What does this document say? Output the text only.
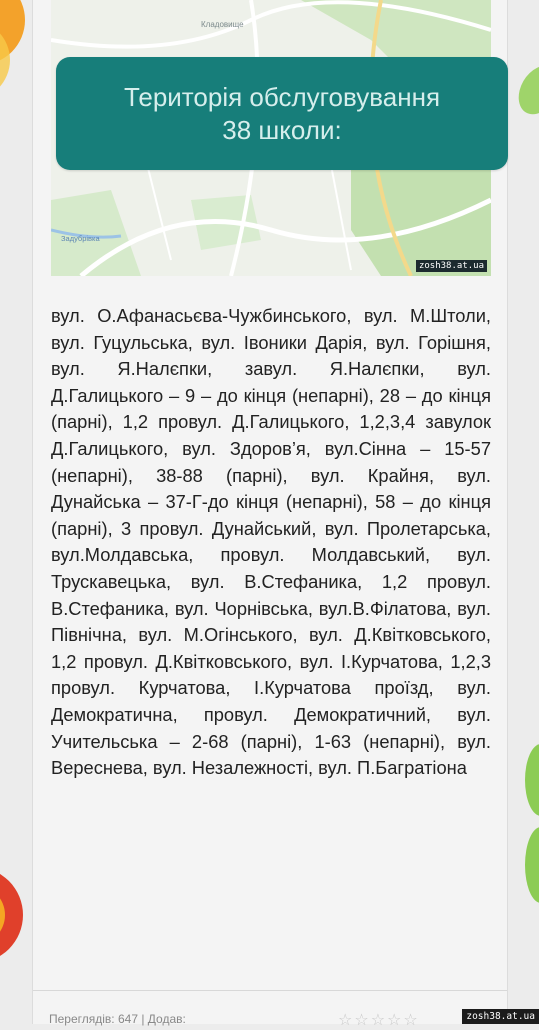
Кладовище
Задубрівка
zosh38.at.ua
Територія обслуговування
38 школи:

вул. О.Афанасьєва-Чужбинського, вул. М.Штоли, вул. Гуцульська, вул. Івоники Дарія, вул. Горішня, вул. Я.Налєпки, завул. Я.Налєпки, вул. Д.Галицького – 9 – до кінця (непарні), 28 – до кінця (парні), 1,2 провул. Д.Галицького, 1,2,3,4 завулок Д.Галицького, вул. Здоров’я, вул.Сінна – 15-57 (непарні), 38-88 (парні), вул. Крайня, вул. Дунайська – 37-Г-до кінця (непарні), 58 – до кінця (парні), 3 провул. Дунайський, вул. Пролетарська, вул.Молдавська, провул. Молдавський, вул. Трускавецька, вул. В.Стефаника, 1,2 провул. В.Стефаника, вул. Чорнівська, вул.В.Філатова, вул. Північна, вул. М.Огінського, вул. Д.Квітковського, 1,2 провул. Д.Квітковського, вул. І.Курчатова, 1,2,3 провул. Курчатова, І.Курчатова проїзд, вул. Демократична, провул. Демократичний, вул. Учительська – 2-68 (парні), 1-63 (непарні), вул. Вереснева, вул. Незалежності, вул. П.Багратіона

Переглядів: 647 | Додав:	☆☆☆☆☆	zosh38.at.ua
